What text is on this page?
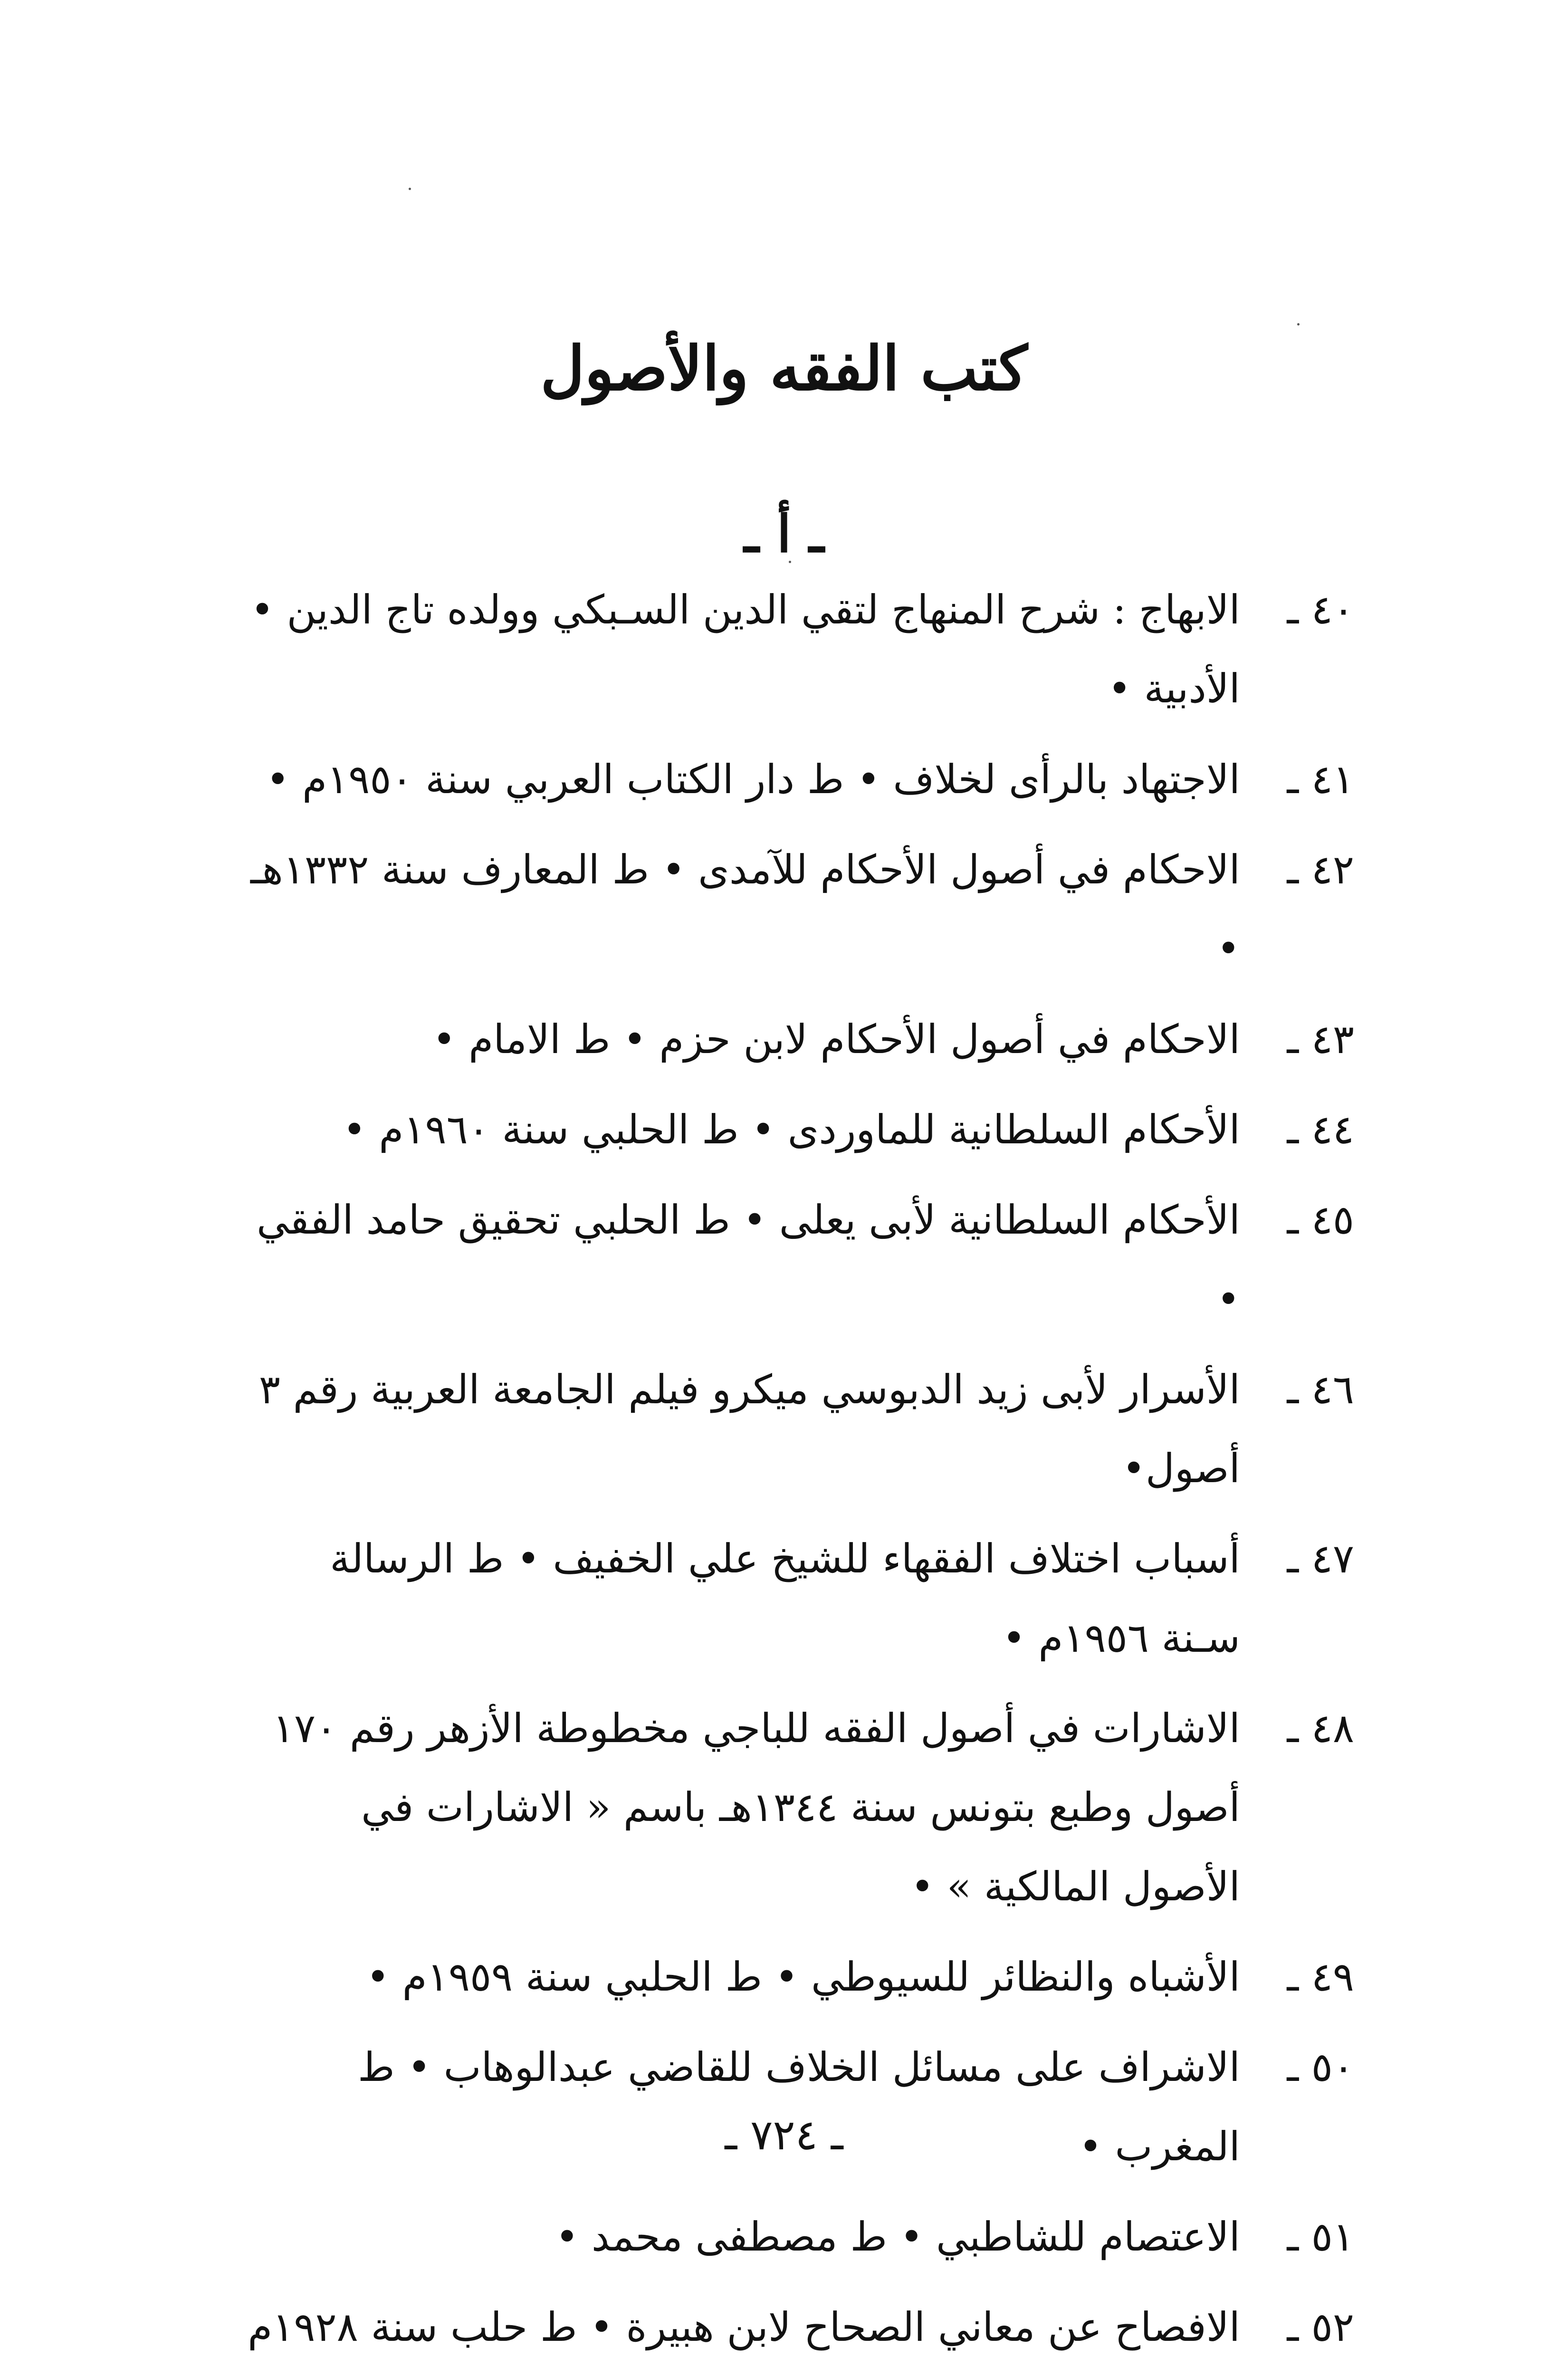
كتب الفقه والأصول
ـ أ ـ
٤٠ ـ
الابهاج : شرح المنهاج لتقي الدين السـبكي وولده تاج الدين • الأدبية •
٤١ ـ
الاجتهاد بالرأى لخلاف • ط دار الكتاب العربي سنة ١٩٥٠م •
٤٢ ـ
الاحكام في أصول الأحكام للآمدى • ط المعارف سنة ١٣٣٢هـ •
٤٣ ـ
الاحكام في أصول الأحكام لابن حزم • ط الامام •
٤٤ ـ
الأحكام السلطانية للماوردى • ط الحلبي سنة ١٩٦٠م •
٤٥ ـ
الأحكام السلطانية لأبى يعلى • ط الحلبي تحقيق حامد الفقي •
٤٦ ـ
الأسرار لأبى زيد الدبوسي ميكرو فيلم الجامعة العربية رقم ٣ أصول•
٤٧ ـ
أسباب اختلاف الفقهاء للشيخ علي الخفيف • ط الرسالة سـنة ١٩٥٦م •
٤٨ ـ
الاشارات في أصول الفقه للباجي مخطوطة الأزهر رقم ١٧٠ أصول وطبع بتونس سنة ١٣٤٤هـ باسم « الاشارات في الأصول المالكية » •
٤٩ ـ
الأشباه والنظائر للسيوطي • ط الحلبي سنة ١٩٥٩م •
٥٠ ـ
الاشراف على مسائل الخلاف للقاضي عبدالوهاب • ط المغرب •
٥١ ـ
الاعتصام للشاطبي • ط مصطفى محمد •
٥٢ ـ
الافصاح عن معاني الصحاح لابن هبيرة • ط حلب سنة ١٩٢٨م
ـ ٧٢٤ ـ
